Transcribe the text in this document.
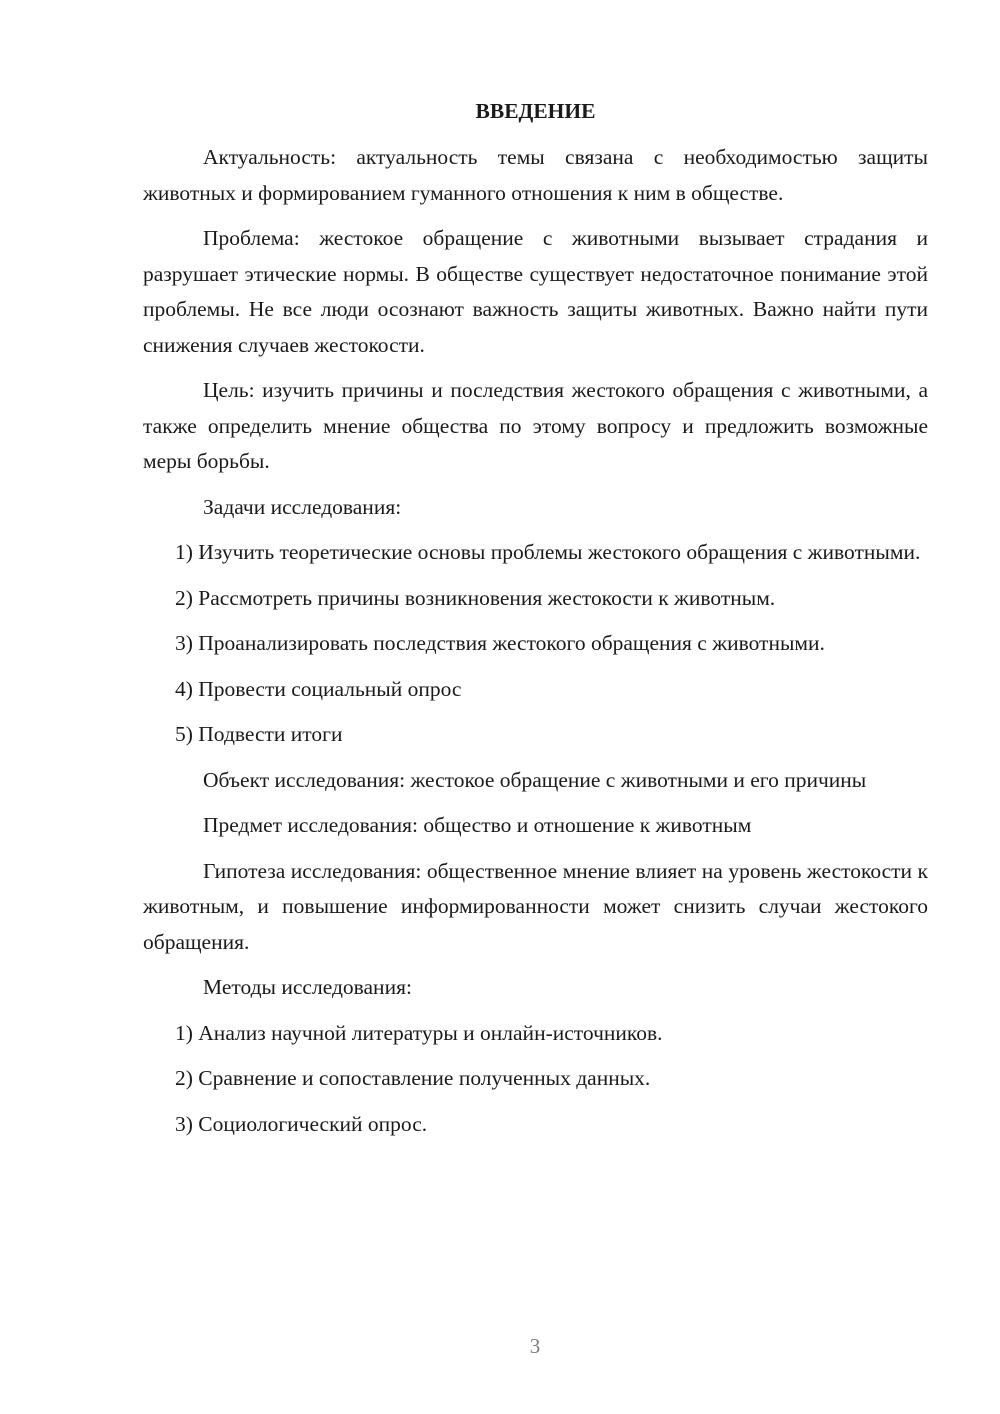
ВВЕДЕНИЕ

Актуальность: актуальность темы связана с необходимостью защиты животных и формированием гуманного отношения к ним в обществе.

Проблема: жестокое обращение с животными вызывает страдания и разрушает этические нормы. В обществе существует недостаточное понимание этой проблемы. Не все люди осознают важность защиты животных. Важно найти пути снижения случаев жестокости.

Цель: изучить причины и последствия жестокого обращения с животными, а также определить мнение общества по этому вопросу и предложить возможные меры борьбы.

Задачи исследования:

1) Изучить теоретические основы проблемы жестокого обращения с животными.

2) Рассмотреть причины возникновения жестокости к животным.

3) Проанализировать последствия жестокого обращения с животными.

4) Провести социальный опрос

5) Подвести итоги

Объект исследования: жестокое обращение с животными и его причины

Предмет исследования: общество и отношение к животным

Гипотеза исследования: общественное мнение влияет на уровень жестокости к животным, и повышение информированности может снизить случаи жестокого обращения.

Методы исследования:

1) Анализ научной литературы и онлайн-источников.

2) Сравнение и сопоставление полученных данных.

3) Социологический опрос.

3
